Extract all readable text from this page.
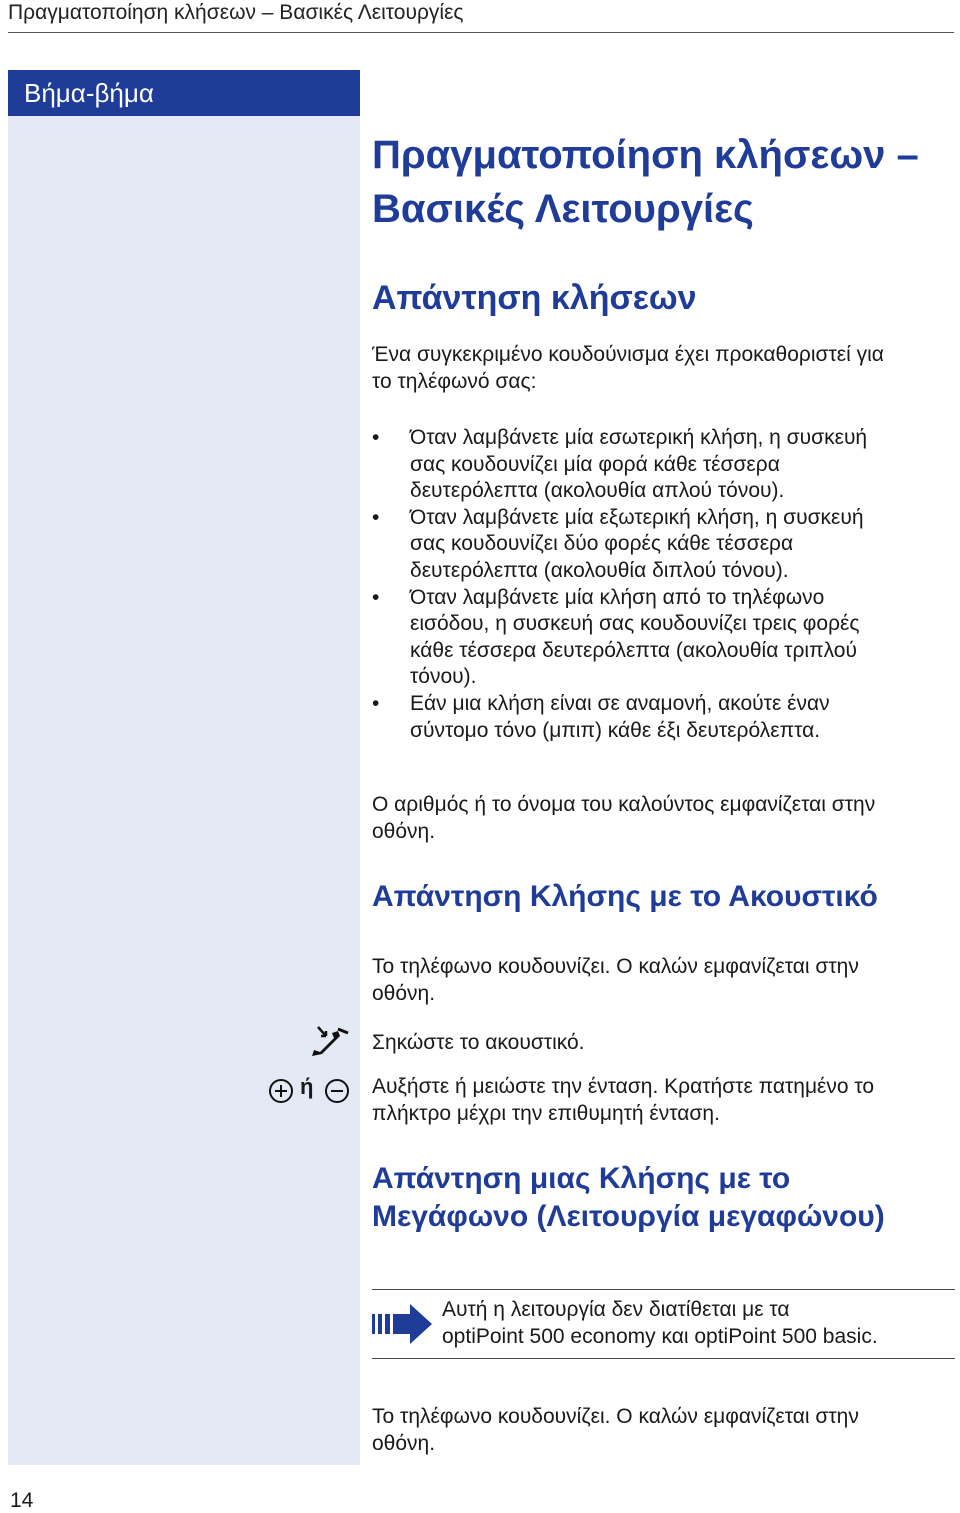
Πραγματοποίηση κλήσεων – Βασικές Λειτουργίες
Βήμα-βήμα
Πραγματοποίηση κλήσεων –
Βασικές Λειτουργίες
Απάντηση κλήσεων
Ένα συγκεκριμένο κουδούνισμα έχει προκαθοριστεί για
το τηλέφωνό σας:
• Όταν λαμβάνετε μία εσωτερική κλήση, η συσκευή
σας κουδουνίζει μία φορά κάθε τέσσερα
δευτερόλεπτα (ακολουθία απλού τόνου).
• Όταν λαμβάνετε μία εξωτερική κλήση, η συσκευή
σας κουδουνίζει δύο φορές κάθε τέσσερα
δευτερόλεπτα (ακολουθία διπλού τόνου).
• Όταν λαμβάνετε μία κλήση από το τηλέφωνο
εισόδου, η συσκευή σας κουδουνίζει τρεις φορές
κάθε τέσσερα δευτερόλεπτα (ακολουθία τριπλού
τόνου).
• Εάν μια κλήση είναι σε αναμονή, ακούτε έναν
σύντομο τόνο (μπιπ) κάθε έξι δευτερόλεπτα.
Ο αριθμός ή το όνομα του καλούντος εμφανίζεται στην
οθόνη.
Απάντηση Κλήσης με το Ακουστικό
Το τηλέφωνο κουδουνίζει. Ο καλών εμφανίζεται στην
οθόνη.
Σηκώστε το ακουστικό.
ή	Αυξήστε ή μειώστε την ένταση. Κρατήστε πατημένο το
πλήκτρο μέχρι την επιθυμητή ένταση.
Απάντηση μιας Κλήσης με το
Μεγάφωνο (Λειτουργία μεγαφώνου)
Αυτή η λειτουργία δεν διατίθεται με τα
optiPoint 500 economy και optiPoint 500 basic.
Το τηλέφωνο κουδουνίζει. Ο καλών εμφανίζεται στην
οθόνη.
14
